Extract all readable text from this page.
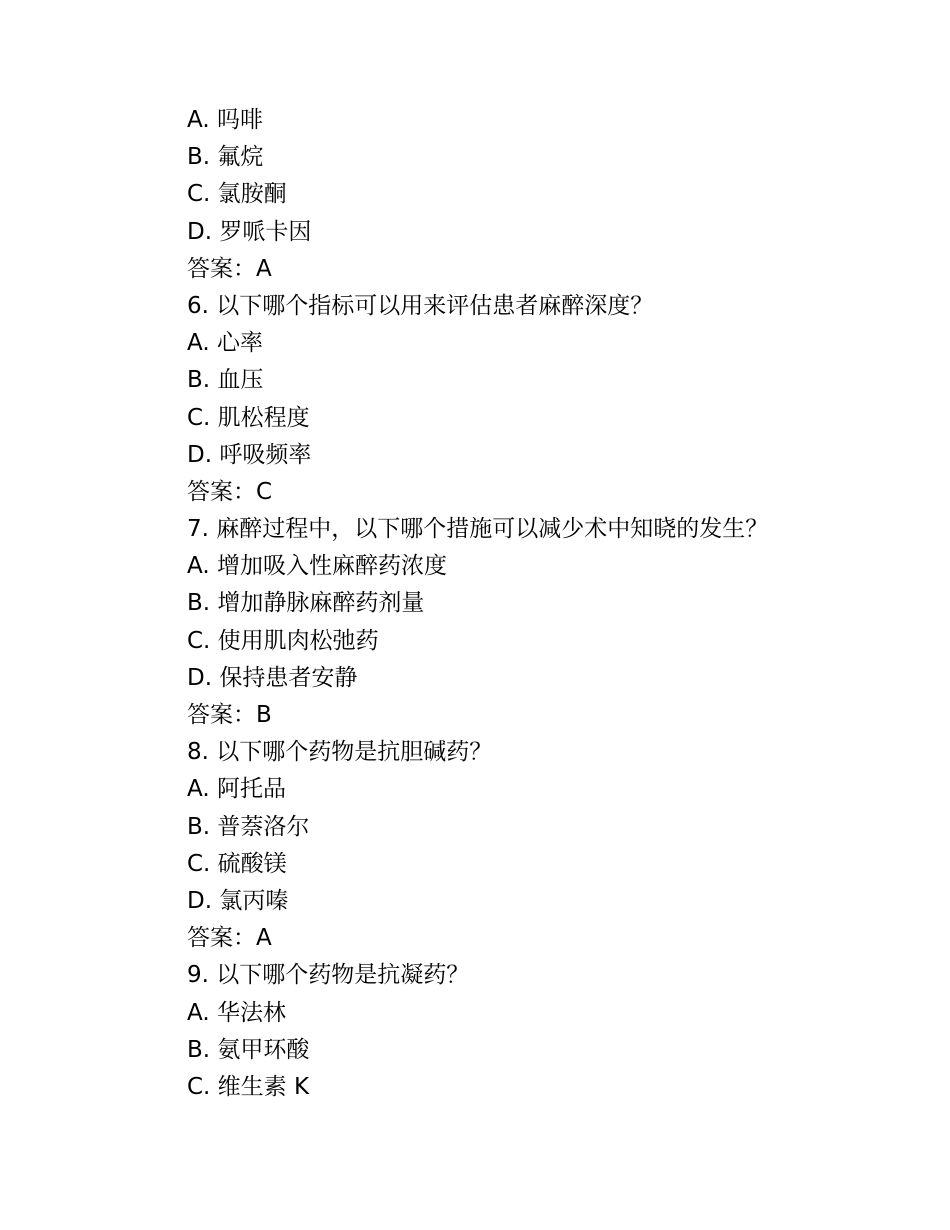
A. 吗啡
B. 氟烷
C. 氯胺酮
D. 罗哌卡因
答案：A
6. 以下哪个指标可以用来评估患者麻醉深度？
A. 心率
B. 血压
C. 肌松程度
D. 呼吸频率
答案：C
7. 麻醉过程中，以下哪个措施可以减少术中知晓的发生？
A. 增加吸入性麻醉药浓度
B. 增加静脉麻醉药剂量
C. 使用肌肉松弛药
D. 保持患者安静
答案：B
8. 以下哪个药物是抗胆碱药？
A. 阿托品
B. 普萘洛尔
C. 硫酸镁
D. 氯丙嗪
答案：A
9. 以下哪个药物是抗凝药？
A. 华法林
B. 氨甲环酸
C. 维生素 K
